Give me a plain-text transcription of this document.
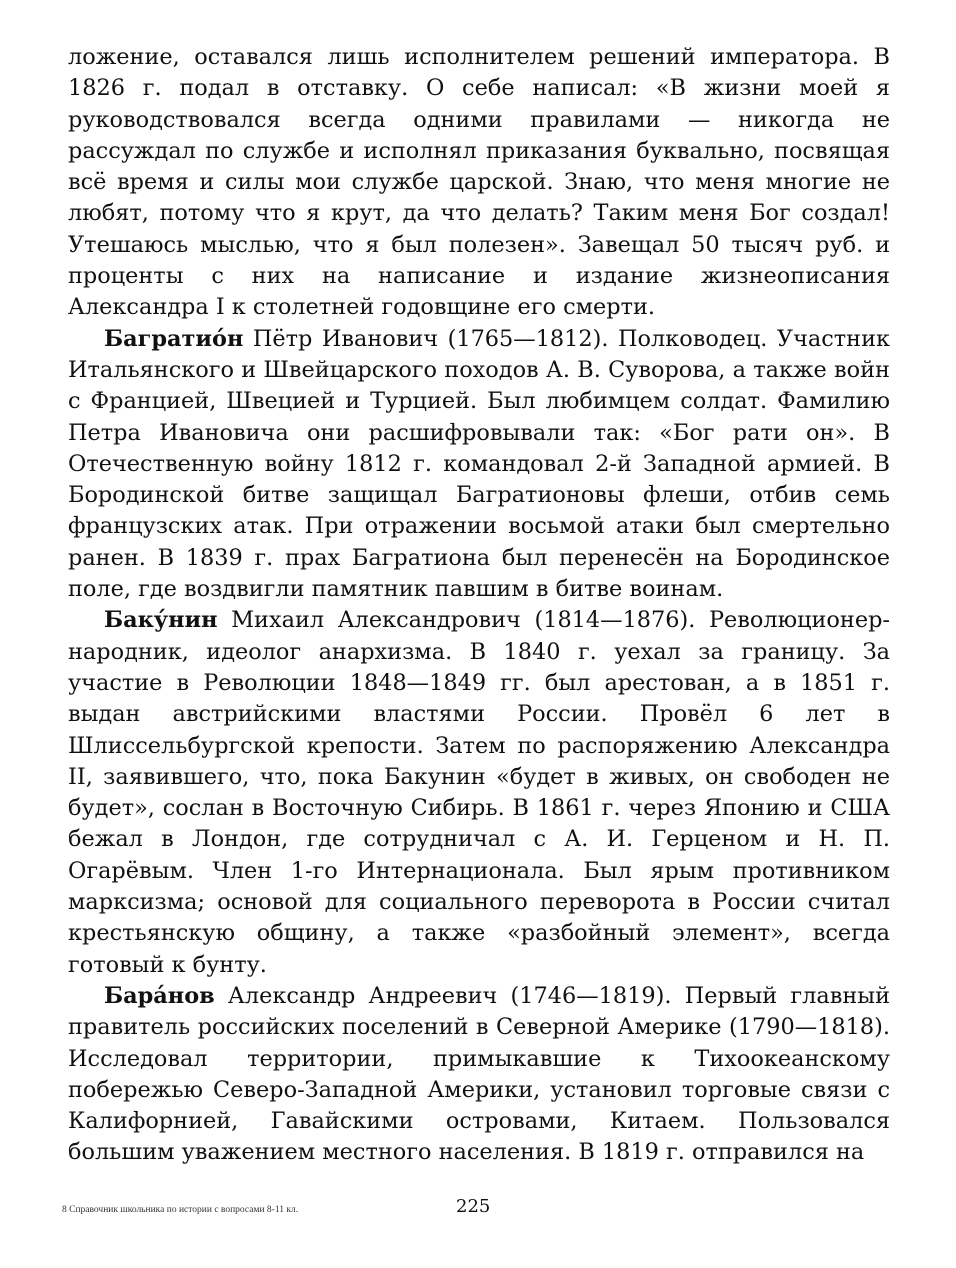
ложение, оставался лишь исполнителем решений императора. В 1826 г. подал в отставку. О себе написал: «В жизни моей я руководствовался всегда одними правилами — никогда не рассуждал по службе и исполнял приказания буквально, посвящая всё время и силы мои службе царской. Знаю, что меня многие не любят, потому что я крут, да что делать? Таким меня Бог создал! Утешаюсь мыслью, что я был полезен». Завещал 50 тысяч руб. и проценты с них на написание и издание жизнеописания Александра I к столетней годовщине его смерти.

Багратио́н Пётр Иванович (1765—1812). Полководец. Участник Итальянского и Швейцарского походов А. В. Суворова, а также войн с Францией, Швецией и Турцией. Был любимцем солдат. Фамилию Петра Ивановича они расшифровывали так: «Бог рати он». В Отечественную войну 1812 г. командовал 2-й Западной армией. В Бородинской битве защищал Багратионовы флеши, отбив семь французских атак. При отражении восьмой атаки был смертельно ранен. В 1839 г. прах Багратиона был перенесён на Бородинское поле, где воздвигли памятник павшим в битве воинам.

Баку́нин Михаил Александрович (1814—1876). Революционер-народник, идеолог анархизма. В 1840 г. уехал за границу. За участие в Революции 1848—1849 гг. был арестован, а в 1851 г. выдан австрийскими властями России. Провёл 6 лет в Шлиссельбургской крепости. Затем по распоряжению Александра II, заявившего, что, пока Бакунин «будет в живых, он свободен не будет», сослан в Восточную Сибирь. В 1861 г. через Японию и США бежал в Лондон, где сотрудничал с А. И. Герценом и Н. П. Огарёвым. Член 1-го Интернационала. Был ярым противником марксизма; основой для социального переворота в России считал крестьянскую общину, а также «разбойный элемент», всегда готовый к бунту.

Бара́нов Александр Андреевич (1746—1819). Первый главный правитель российских поселений в Северной Америке (1790—1818). Исследовал территории, примыкавшие к Тихоокеанскому побережью Северо-Западной Америки, установил торговые связи с Калифорнией, Гавайскими островами, Китаем. Пользовался большим уважением местного населения. В 1819 г. отправился на

8 Справочник школьника по истории с вопросами 8-11 кл.	225
